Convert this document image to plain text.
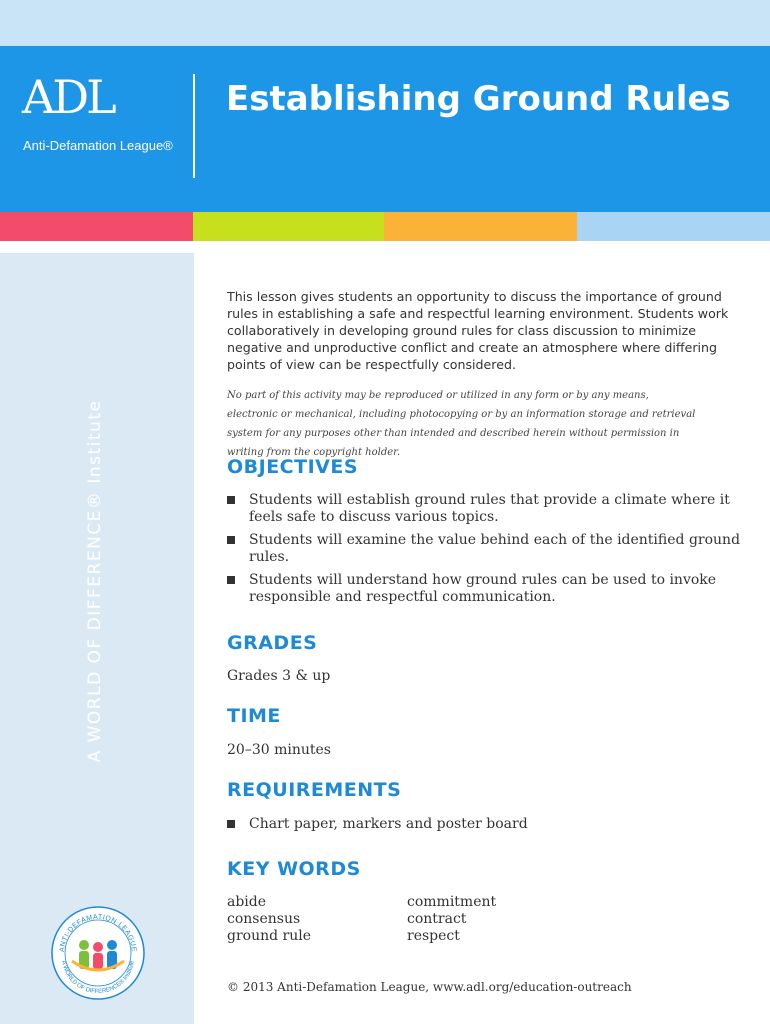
ADL
Anti-Defamation League®
Establishing Ground Rules
A WORLD OF DIFFERENCE® Institute
ANTI-DEFAMATION LEAGUE
A WORLD OF DIFFERENCE® Institute

This lesson gives students an opportunity to discuss the importance of ground rules in establishing a safe and respectful learning environment. Students work collaboratively in developing ground rules for class discussion to minimize negative and unproductive conflict and create an atmosphere where differing points of view can be respectfully considered.

No part of this activity may be reproduced or utilized in any form or by any means, electronic or mechanical, including photocopying or by an information storage and retrieval system for any purposes other than intended and described herein without permission in writing from the copyright holder.

OBJECTIVES
Students will establish ground rules that provide a climate where it feels safe to discuss various topics.
Students will examine the value behind each of the identified ground rules.
Students will understand how ground rules can be used to invoke responsible and respectful communication.
GRADES

Grades 3 & up

TIME

20–30 minutes

REQUIREMENTS
Chart paper, markers and poster board
KEY WORDS
abide
consensus
ground rule
commitment
contract
respect

© 2013 Anti-Defamation League, www.adl.org/education-outreach
